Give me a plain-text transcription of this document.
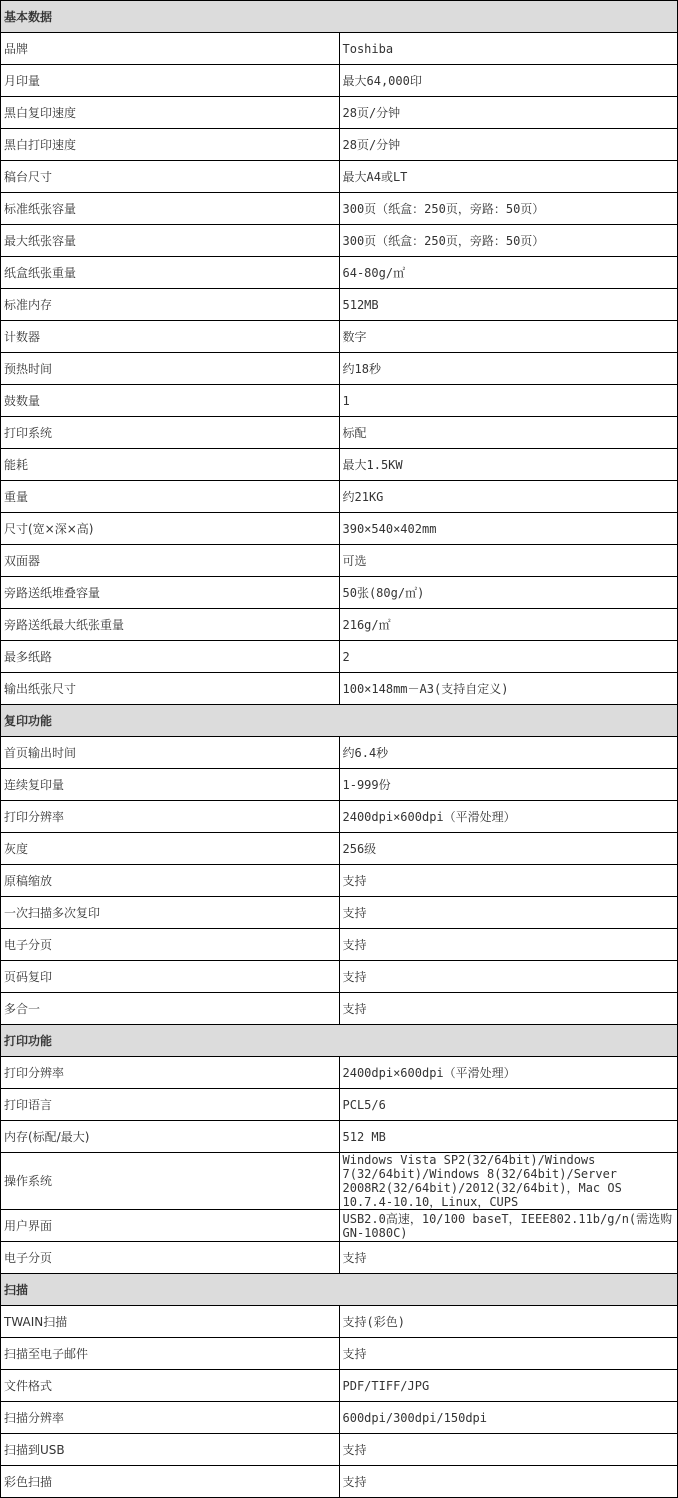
基本数据	
品牌	Toshiba
月印量	最大64,000印
黑白复印速度	28页/分钟
黑白打印速度	28页/分钟
稿台尺寸	最大A4或LT
标准纸张容量	300页（纸盒：250页，旁路：50页）
最大纸张容量	300页（纸盒：250页，旁路：50页）
纸盒纸张重量	64-80g/㎡
标准内存	512MB
计数器	数字
预热时间	约18秒
鼓数量	1
打印系统	标配
能耗	最大1.5KW
重量	约21KG
尺寸(宽×深×高)	390×540×402mm
双面器	可选
旁路送纸堆叠容量	50张(80g/㎡)
旁路送纸最大纸张重量	216g/㎡
最多纸路	2
输出纸张尺寸	100×148mm－A3(支持自定义)
复印功能	
首页输出时间	约6.4秒
连续复印量	1-999份
打印分辨率	2400dpi×600dpi（平滑处理）
灰度	256级
原稿缩放	支持
一次扫描多次复印	支持
电子分页	支持
页码复印	支持
多合一	支持
打印功能	
打印分辨率	2400dpi×600dpi（平滑处理）
打印语言	PCL5/6
内存(标配/最大)	512 MB
操作系统	Windows Vista SP2(32/64bit)/Windows 7(32/64bit)/Windows 8(32/64bit)/Server 2008R2(32/64bit)/2012(32/64bit)，Mac OS 10.7.4-10.10，Linux，CUPS
用户界面	USB2.0高速，10/100 baseT，IEEE802.11b/g/n(需选购GN-1080C)
电子分页	支持
扫描	
TWAIN扫描	支持(彩色)
扫描至电子邮件	支持
文件格式	PDF/TIFF/JPG
扫描分辨率	600dpi/300dpi/150dpi
扫描到USB	支持
彩色扫描	支持
